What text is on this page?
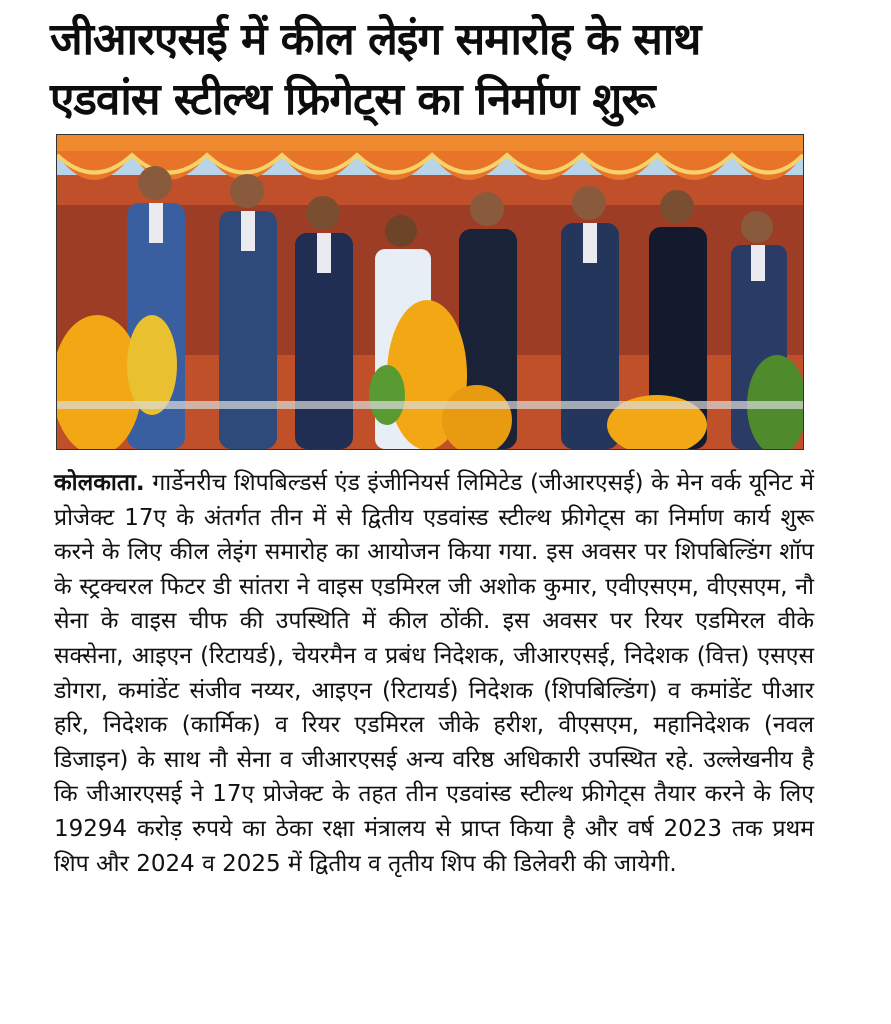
जीआरएसई में कील लेइंग समारोह के साथ
एडवांस स्टील्थ फ्रिगेट्स का निर्माण शुरू

कोलकाता. गार्डेनरीच शिपबिल्डर्स एंड इंजीनियर्स लिमिटेड (जीआरएसई) के मेन वर्क यूनिट में प्रोजेक्ट 17ए के अंतर्गत तीन में से द्वितीय एडवांस्ड स्टील्थ फ्रीगेट्स का निर्माण कार्य शुरू करने के लिए कील लेइंग समारोह का आयोजन किया गया. इस अवसर पर शिपबिल्डिंग शॉप के स्ट्रक्चरल फिटर डी सांतरा ने वाइस एडमिरल जी अशोक कुमार, एवीएसएम, वीएसएम, नौ सेना के वाइस चीफ की उपस्थिति में कील ठोंकी. इस अवसर पर रियर एडमिरल वीके सक्सेना, आइएन (रिटायर्ड), चेयरमैन व प्रबंध निदेशक, जीआरएसई, निदेशक (वित्त) एसएस डोगरा, कमांडेंट संजीव नय्यर, आइएन (रिटायर्ड) निदेशक (शिपबिल्डिंग) व कमांडेंट पीआर हरि, निदेशक (कार्मिक) व रियर एडमिरल जीके हरीश, वीएसएम, महानिदेशक (नवल डिजाइन) के साथ नौ सेना व जीआरएसई अन्य वरिष्ठ अधिकारी उपस्थित रहे. उल्लेखनीय है कि जीआरएसई ने 17ए प्रोजेक्ट के तहत तीन एडवांस्ड स्टील्थ फ्रीगेट्स तैयार करने के लिए 19294 करोड़ रुपये का ठेका रक्षा मंत्रालय से प्राप्त किया है और वर्ष 2023 तक प्रथम शिप और 2024 व 2025 में द्वितीय व तृतीय शिप की डिलेवरी की जायेगी.
